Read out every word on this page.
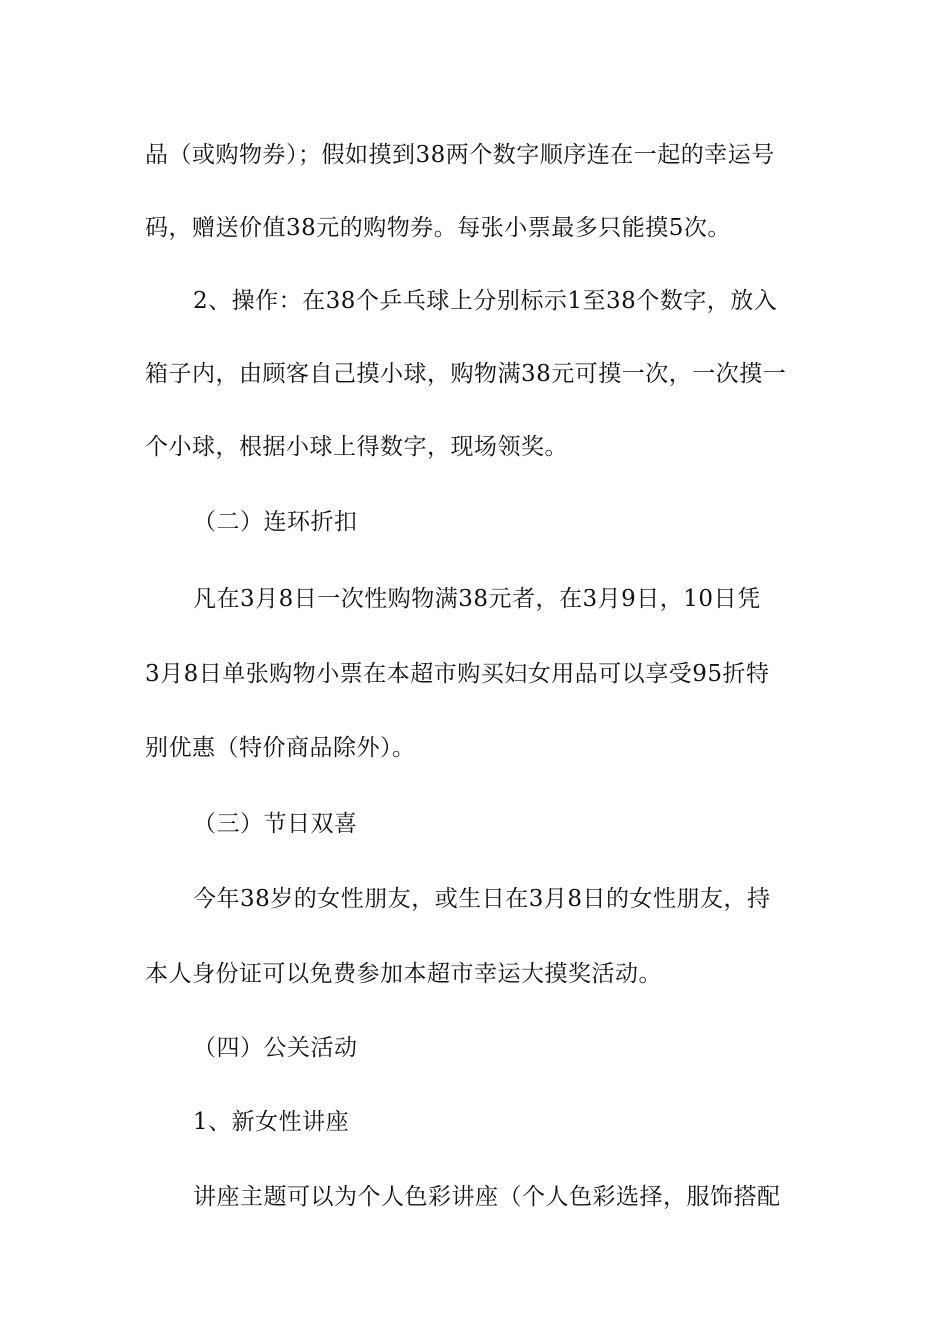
品（或购物券）；假如摸到38两个数字顺序连在一起的幸运号
码，赠送价值38元的购物券。每张小票最多只能摸5次。
2、操作：在38个乒乓球上分别标示1至38个数字，放入
箱子内，由顾客自己摸小球，购物满38元可摸一次，一次摸一
个小球，根据小球上得数字，现场领奖。
（二）连环折扣
凡在3月8日一次性购物满38元者，在3月9日，10日凭
3月8日单张购物小票在本超市购买妇女用品可以享受95折特
别优惠（特价商品除外）。
（三）节日双喜
今年38岁的女性朋友，或生日在3月8日的女性朋友，持
本人身份证可以免费参加本超市幸运大摸奖活动。
（四）公关活动
1、新女性讲座
讲座主题可以为个人色彩讲座（个人色彩选择，服饰搭配
